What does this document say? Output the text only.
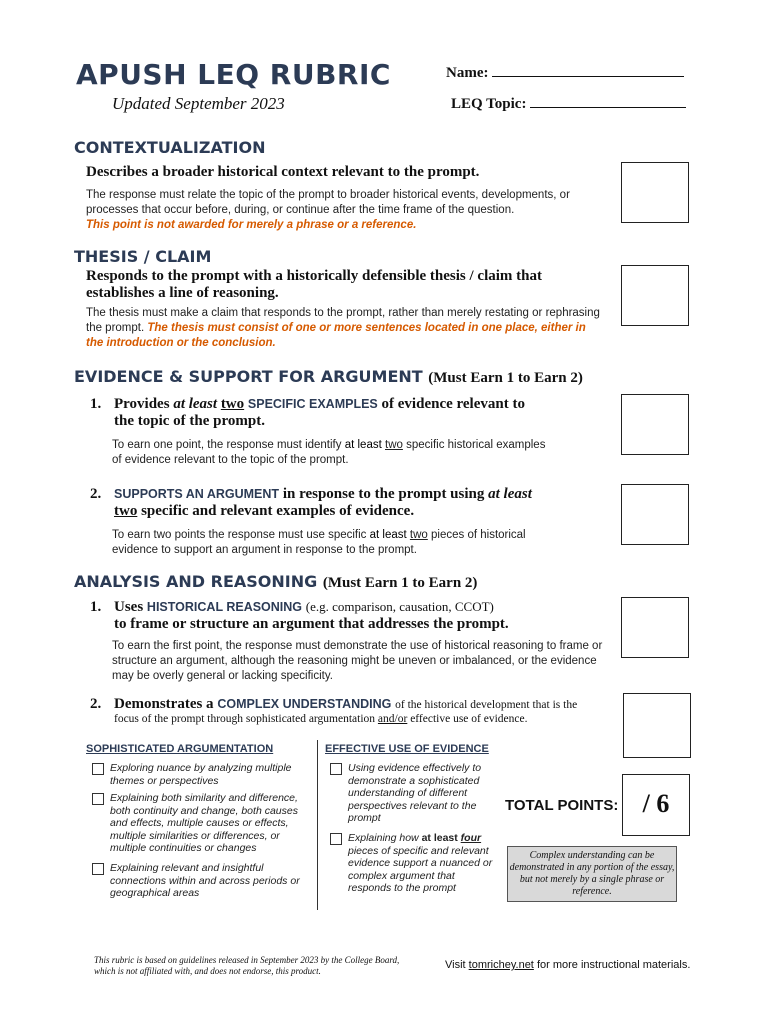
APUSH LEQ RUBRIC
Updated September 2023
Name:
LEQ Topic:
CONTEXTUALIZATION
Describes a broader historical context relevant to the prompt.
The response must relate the topic of the prompt to broader historical events, developments, or processes that occur before, during, or continue after the time frame of the question.
This point is not awarded for merely a phrase or a reference.
THESIS / CLAIM
Responds to the prompt with a historically defensible thesis / claim that establishes a line of reasoning.
The thesis must make a claim that responds to the prompt, rather than merely restating or rephrasing the prompt. The thesis must consist of one or more sentences located in one place, either in the introduction or the conclusion.
EVIDENCE & SUPPORT FOR ARGUMENT (Must Earn 1 to Earn 2)
1. Provides at least two SPECIFIC EXAMPLES of evidence relevant to
the topic of the prompt.
To earn one point, the response must identify at least two specific historical examples
of evidence relevant to the topic of the prompt.
2. SUPPORTS AN ARGUMENT in response to the prompt using at least
two specific and relevant examples of evidence.
To earn two points the response must use specific at least two pieces of historical
evidence to support an argument in response to the prompt.
ANALYSIS AND REASONING (Must Earn 1 to Earn 2)
1. Uses HISTORICAL REASONING (e.g. comparison, causation, CCOT)
to frame or structure an argument that addresses the prompt.
To earn the first point, the response must demonstrate the use of historical reasoning to frame or structure an argument, although the reasoning might be uneven or imbalanced, or the evidence may be overly general or lacking specificity.
2. Demonstrates a COMPLEX UNDERSTANDING of the historical development that is the
focus of the prompt through sophisticated argumentation and/or effective use of evidence.
SOPHISTICATED ARGUMENTATION
Exploring nuance by analyzing multiple themes or perspectives
Explaining both similarity and difference, both continuity and change, both causes and effects, multiple causes or effects, multiple similarities or differences, or multiple continuities or changes
Explaining relevant and insightful connections within and across periods or geographical areas
EFFECTIVE USE OF EVIDENCE
Using evidence effectively to demonstrate a sophisticated understanding of different perspectives relevant to the prompt
Explaining how at least four pieces of specific and relevant evidence support a nuanced or complex argument that responds to the prompt
TOTAL POINTS: / 6
Complex understanding can be demonstrated in any portion of the essay, but not merely by a single phrase or reference.
This rubric is based on guidelines released in September 2023 by the College Board, which is not affiliated with, and does not endorse, this product.	Visit tomrichey.net for more instructional materials.
